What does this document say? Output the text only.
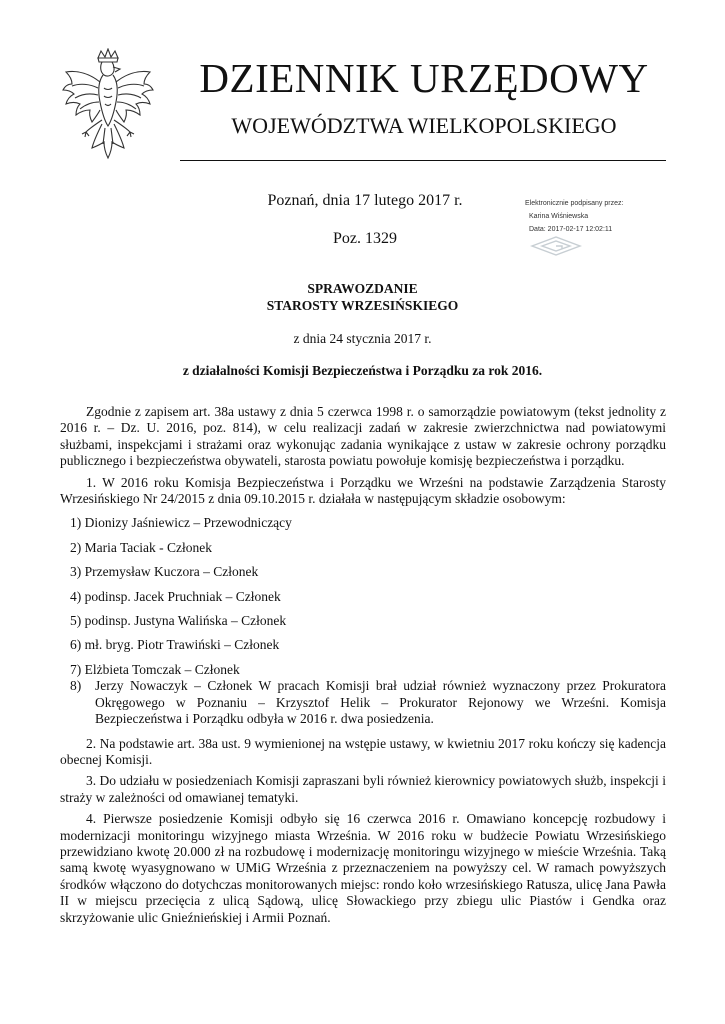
DZIENNIK URZĘDOWY
WOJEWÓDZTWA WIELKOPOLSKIEGO
Poznań, dnia 17 lutego 2017 r.
Poz. 1329
Elektronicznie podpisany przez:
Karina Wiśniewska
Data: 2017-02-17 12:02:11
SPRAWOZDANIE
STAROSTY WRZESIŃSKIEGO
z dnia 24 stycznia 2017 r.
z działalności Komisji Bezpieczeństwa i Porządku za rok 2016.

Zgodnie z zapisem art. 38a ustawy z dnia 5 czerwca 1998 r. o samorządzie powiatowym (tekst jednolity z 2016 r. – Dz. U. 2016, poz. 814), w celu realizacji zadań w zakresie zwierzchnictwa nad powiatowymi służbami, inspekcjami i strażami oraz wykonując zadania wynikające z ustaw w zakresie ochrony porządku publicznego i bezpieczeństwa obywateli, starosta powiatu powołuje komisję bezpieczeństwa i porządku.

1. W 2016 roku Komisja Bezpieczeństwa i Porządku we Wrześni na podstawie Zarządzenia Starosty Wrzesińskiego Nr 24/2015 z dnia 09.10.2015 r. działała w następującym składzie osobowym:

1) Dionizy Jaśniewicz – Przewodniczący

2) Maria Taciak - Członek

3) Przemysław Kuczora – Członek

4) podinsp. Jacek Pruchniak – Członek

5) podinsp. Justyna Walińska – Członek

6) mł. bryg. Piotr Trawiński – Członek

7) Elżbieta Tomczak – Członek

8)	Jerzy Nowaczyk – Członek W pracach Komisji brał udział również wyznaczony przez Prokuratora Okręgowego w Poznaniu – Krzysztof Helik – Prokurator Rejonowy we Wrześni. Komisja Bezpieczeństwa i Porządku odbyła w 2016 r. dwa posiedzenia.

2. Na podstawie art. 38a ust. 9 wymienionej na wstępie ustawy, w kwietniu 2017 roku kończy się kadencja obecnej Komisji.

3. Do udziału w posiedzeniach Komisji zapraszani byli również kierownicy powiatowych służb, inspekcji i straży w zależności od omawianej tematyki.

4. Pierwsze posiedzenie Komisji odbyło się 16 czerwca 2016 r. Omawiano koncepcję rozbudowy i modernizacji monitoringu wizyjnego miasta Września. W 2016 roku w budżecie Powiatu Wrzesińskiego przewidziano kwotę 20.000 zł na rozbudowę i modernizację monitoringu wizyjnego w mieście Września. Taką samą kwotę wyasygnowano w UMiG Września z przeznaczeniem na powyższy cel. W ramach powyższych środków włączono do dotychczas monitorowanych miejsc: rondo koło wrzesińskiego Ratusza, ulicę Jana Pawła II w miejscu przecięcia z ulicą Sądową, ulicę Słowackiego przy zbiegu ulic Piastów i Gendka oraz skrzyżowanie ulic Gnieźnieńskiej i Armii Poznań.
